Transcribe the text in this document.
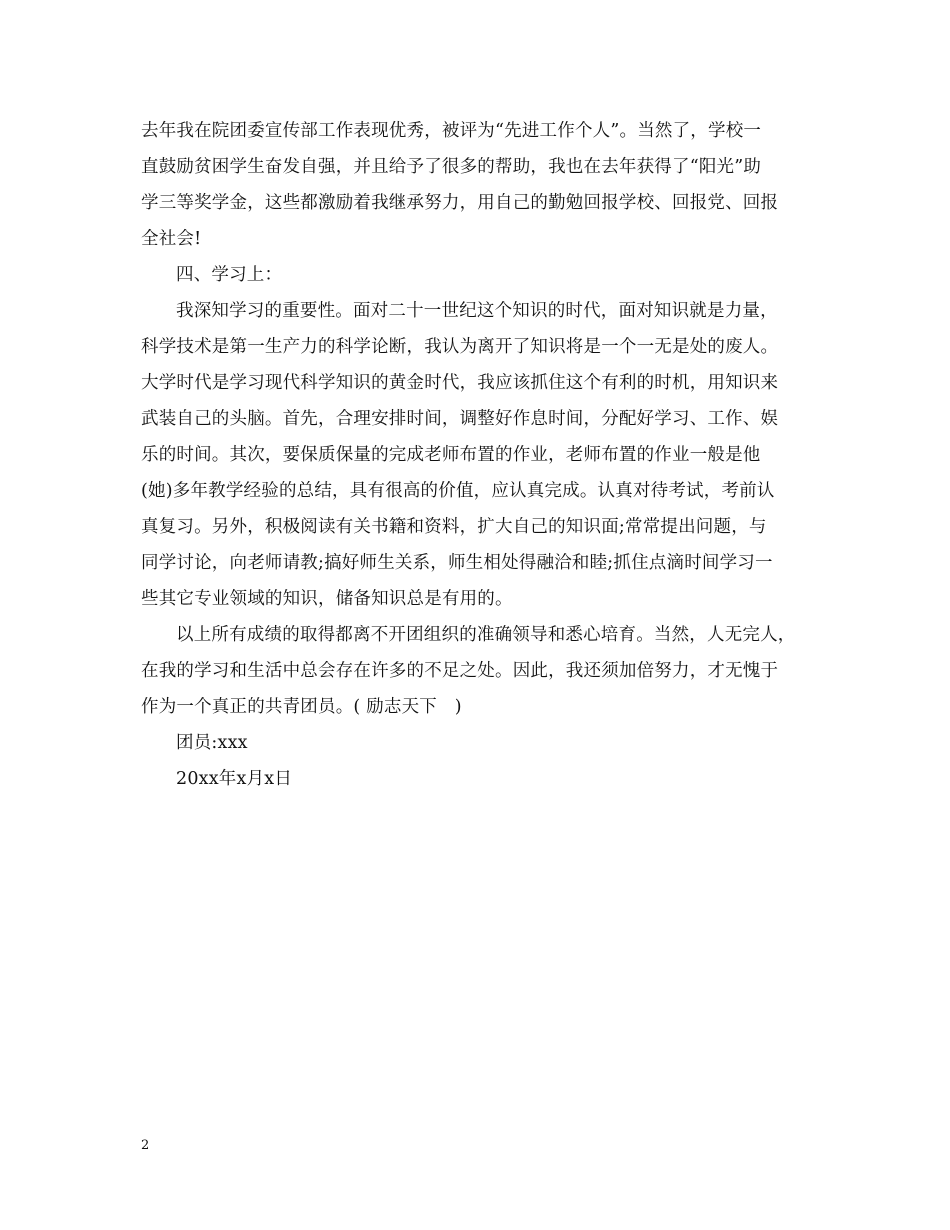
去年我在院团委宣传部工作表现优秀，被评为“先进工作个人”。当然了，学校一
直鼓励贫困学生奋发自强，并且给予了很多的帮助，我也在去年获得了“阳光”助
学三等奖学金，这些都激励着我继承努力，用自己的勤勉回报学校、回报党、回报
全社会!
四、学习上：
我深知学习的重要性。面对二十一世纪这个知识的时代，面对知识就是力量，
科学技术是第一生产力的科学论断，我认为离开了知识将是一个一无是处的废人。
大学时代是学习现代科学知识的黄金时代，我应该抓住这个有利的时机，用知识来
武装自己的头脑。首先，合理安排时间，调整好作息时间，分配好学习、工作、娱
乐的时间。其次，要保质保量的完成老师布置的作业，老师布置的作业一般是他
(她)多年教学经验的总结，具有很高的价值，应认真完成。认真对待考试，考前认
真复习。另外，积极阅读有关书籍和资料，扩大自己的知识面;常常提出问题，与
同学讨论，向老师请教;搞好师生关系，师生相处得融洽和睦;抓住点滴时间学习一
些其它专业领域的知识，储备知识总是有用的。
以上所有成绩的取得都离不开团组织的准确领导和悉心培育。当然，人无完人，
在我的学习和生活中总会存在许多的不足之处。因此，我还须加倍努力，才无愧于
作为一个真正的共青团员。( 励志天下　)
团员:xxx
20xx年x月x日
2
